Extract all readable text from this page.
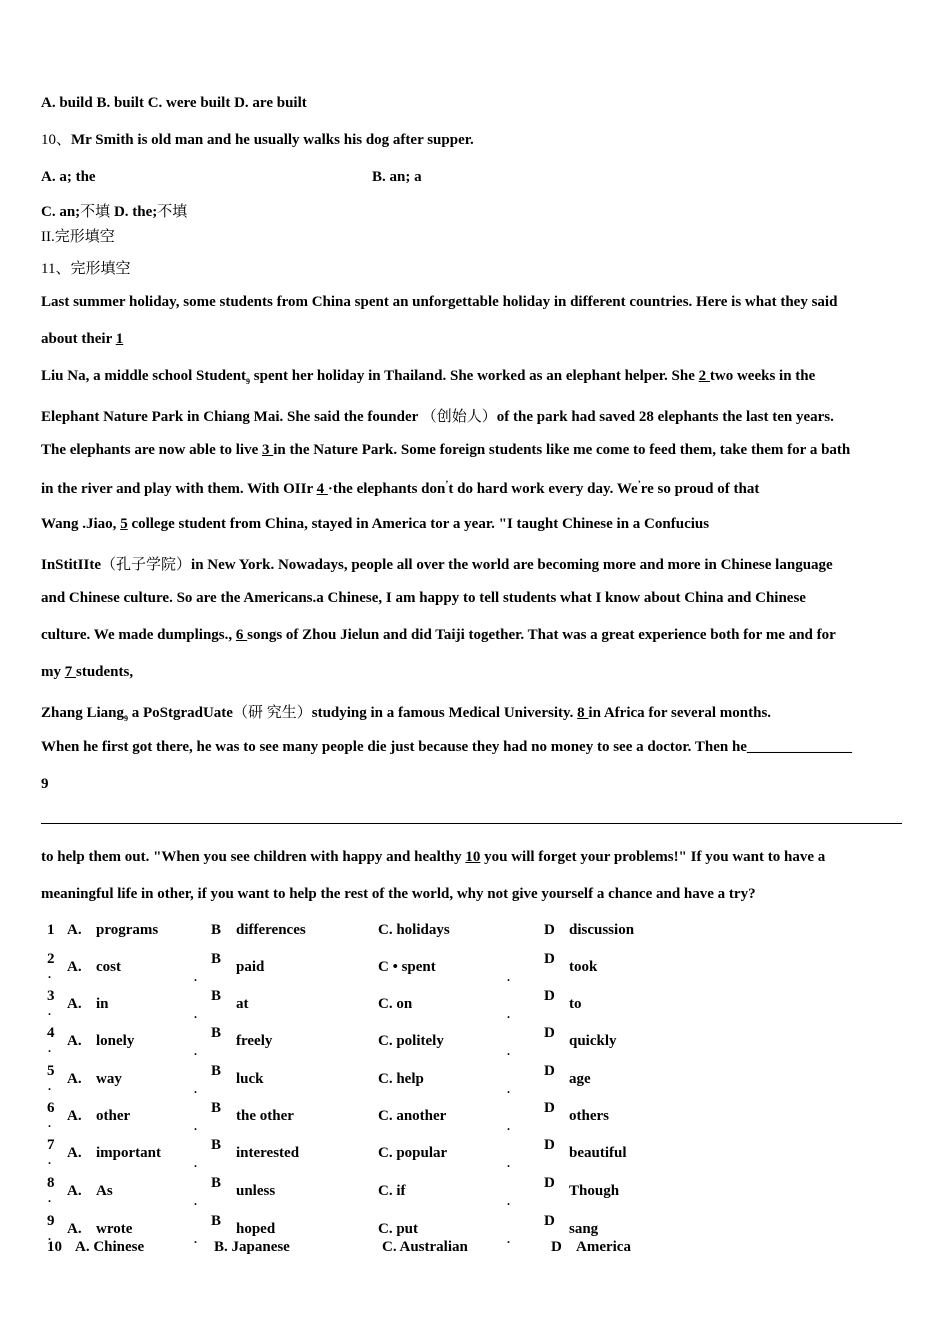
A. build B. built C. were built D. are built
10、Mr Smith is old man and he usually walks his dog after supper.
A. a; the	B. an; a
C. an;不填 D. the;不填
II.完形填空
11、完形填空
Last summer holiday, some students from China spent an unforgettable holiday in different countries. Here is what they said
about their 1
Liu Na, a middle school Student$_9$ spent her holiday in Thailand. She worked as an elephant helper. She 2 two weeks in the
Elephant Nature Park in Chiang Mai. She said the founder （创始人）of the park had saved 28 elephants the last ten years.
The elephants are now able to live 3 in the Nature Park. Some foreign students like me come to feed them, take them for a bath
in the river and play with them. With OIIr 4 ·the elephants don$^ʼ$t do hard work every day. $We^ʼre$ so proud of that
Wang .Jiao, 5 college student from China, stayed in America tor a year. "I taught Chinese in a Confucius
InStitIIte（孔子学院）in New York. Nowadays, people all over the world are becoming more and more in Chinese language
and Chinese culture. So are the Americans.a Chinese, I am happy to tell students what I know about China and Chinese
culture. We made dumplings., 6 songs of Zhou Jielun and did Taiji together. That was a great experience both for me and for
my 7 students,
Zhang Liang$_9$ a PoStgradUate（研 究生）studying in a famous Medical University. 8 in Africa for several months.
When he first got there, he was to see many people die just because they had no money to see a doctor. Then he______________
9
to help them out. "When you see children with happy and healthy 10 you will forget your problems!" If you want to have a
meaningful life in other, if you want to help the rest of the world, why not give yourself a chance and have a try?
1 A. programs	B differences	C. holidays	D discussion
2 A. cost	B paid	C • spent	D took
.	.	.
3 A. in	B at	C. on	D to
.	.	.
4 A. lonely	B freely	C. politely	D quickly
.	.	.
5 A. way	B luck	C. help	D age
.	.	.
6 A. other	B the other	C. another	D others
.	.	.
7 A. important	B interested	C. popular	D beautiful
.	.	.
8 A. As	B unless	C. if	D Though
.	.	.
9 A. wrote	B hoped	C. put	D sang
.	.	.
10 A. Chinese	B. Japanese	C. Australian	D America
